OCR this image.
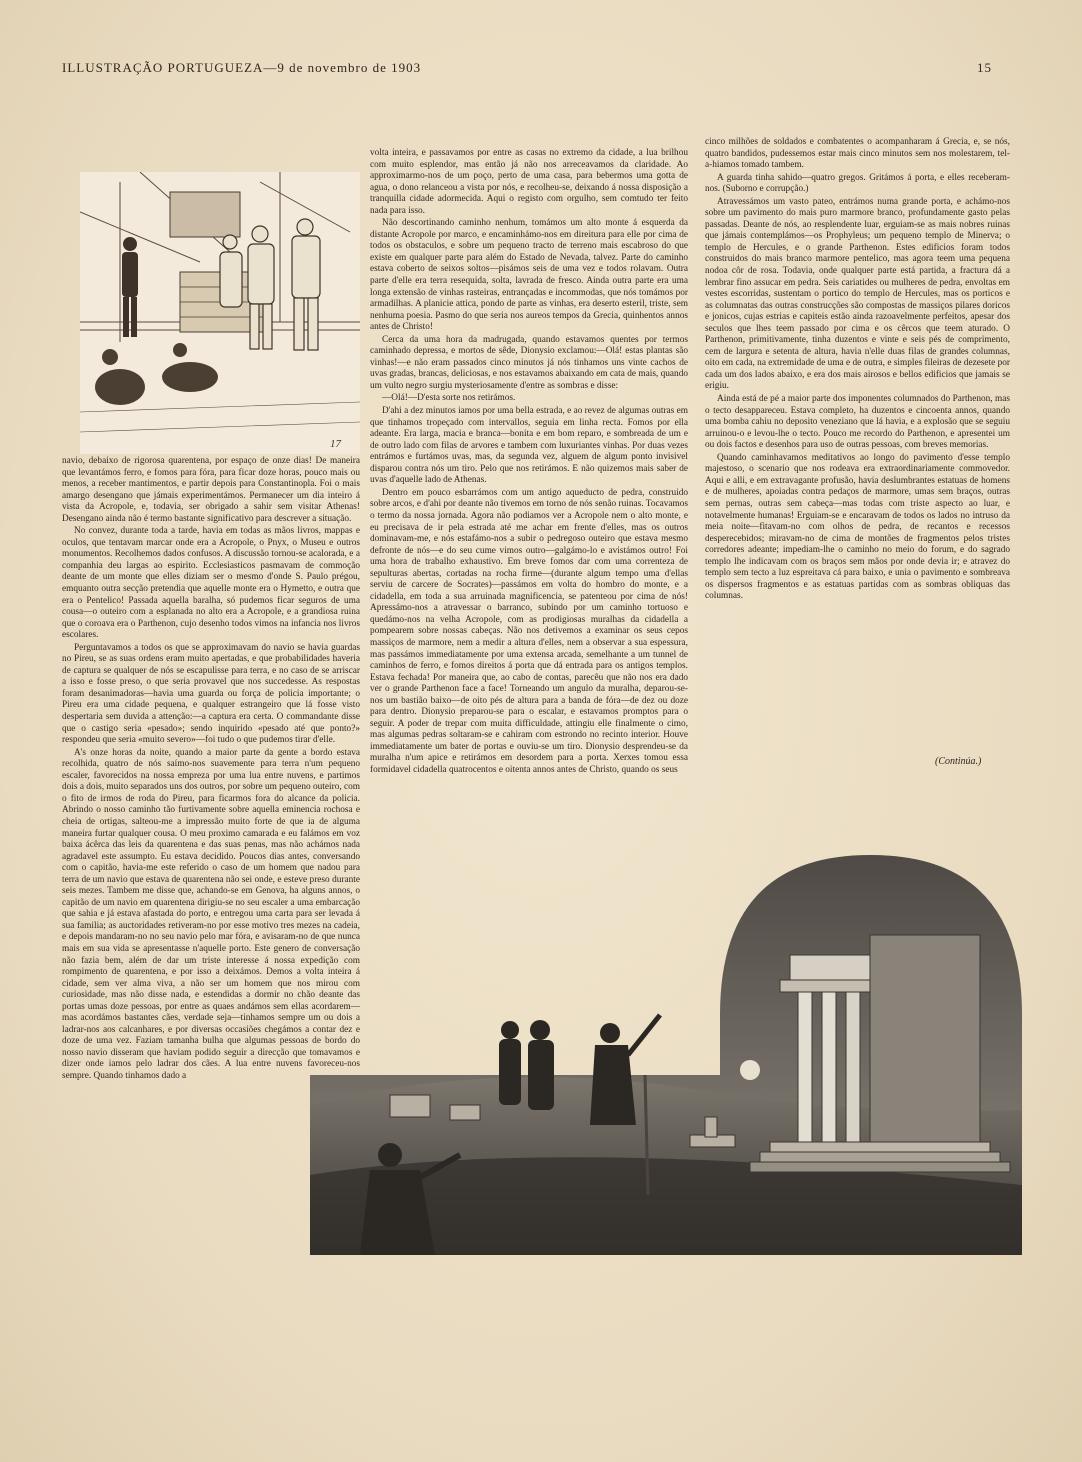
ILLUSTRAÇÃO PORTUGUEZA—9 de novembro de 1903	15
17

navio, debaixo de rigorosa quarentena, por espaço de onze dias! De maneira que levantámos ferro, e fomos para fóra, para ficar doze horas, pouco mais ou menos, a receber mantimentos, e partir depois para Constantinopla. Foi o mais amargo desengano que jámais experimentámos. Permanecer um dia inteiro á vista da Acropole, e, todavia, ser obrigado a sahir sem visitar Athenas! Desengano ainda não é termo bastante significativo para descrever a situação.

No convez, durante toda a tarde, havia em todas as mãos livros, mappas e oculos, que tentavam marcar onde era a Acropole, o Pnyx, o Museu e outros monumentos. Recolhemos dados confusos. A discussão tornou-se acalorada, e a companhia deu largas ao espirito. Ecclesiasticos pasmavam de commoção deante de um monte que elles diziam ser o mesmo d'onde S. Paulo prégou, emquanto outra secção pretendia que aquelle monte era o Hymetto, e outra que era o Pentelico! Passada aquella baralha, só pudemos ficar seguros de uma cousa—o outeiro com a esplanada no alto era a Acropole, e a grandiosa ruina que o coroava era o Parthenon, cujo desenho todos vimos na infancia nos livros escolares.

Perguntavamos a todos os que se approximavam do navio se havia guardas no Pireu, se as suas ordens eram muito apertadas, e que probabilidades haveria de captura se qualquer de nós se escapulisse para terra, e no caso de se arriscar a isso e fosse preso, o que seria provavel que nos succedesse. As respostas foram desanimadoras—havia uma guarda ou força de policia importante; o Pireu era uma cidade pequena, e qualquer estrangeiro que lá fosse visto despertaria sem duvida a attenção:—a captura era certa. O commandante disse que o castigo seria «pesado»; sendo inquirido «pesado até que ponto?» respondeu que seria «muito severo»—foi tudo o que pudemos tirar d'elle.

A's onze horas da noite, quando a maior parte da gente a bordo estava recolhida, quatro de nós saímo-nos suavemente para terra n'um pequeno escaler, favorecidos na nossa empreza por uma lua entre nuvens, e partimos dois a dois, muito separados uns dos outros, por sobre um pequeno outeiro, com o fito de irmos de roda do Pireu, para ficarmos fora do alcance da policia. Abrindo o nosso caminho tão furtivamente sobre aquella eminencia rochosa e cheia de ortigas, salteou-me a impressão muito forte de que ia de alguma maneira furtar qualquer cousa. O meu proximo camarada e eu falámos em voz baixa ácêrca das leis da quarentena e das suas penas, mas não achámos nada agradavel este assumpto. Eu estava decidido. Poucos dias antes, conversando com o capitão, havia-me este referido o caso de um homem que nadou para terra de um navio que estava de quarentena não sei onde, e esteve preso durante seis mezes. Tambem me disse que, achando-se em Genova, ha alguns annos, o capitão de um navio em quarentena dirigiu-se no seu escaler a uma embarcação que sahia e já estava afastada do porto, e entregou uma carta para ser levada á sua familia; as auctoridades retiveram-no por esse motivo tres mezes na cadeia, e depois mandaram-no no seu navio pelo mar fóra, e avisaram-no de que nunca mais em sua vida se apresentasse n'aquelle porto. Este genero de conversação não fazia bem, além de dar um triste interesse á nossa expedição com rompimento de quarentena, e por isso a deixámos. Demos a volta inteira á cidade, sem ver alma viva, a não ser um homem que nos mirou com curiosidade, mas não disse nada, e estendidas a dormir no chão deante das portas umas doze pessoas, por entre as quaes andámos sem ellas acordarem—mas acordámos bastantes cães, verdade seja—tinhamos sempre um ou dois a ladrar-nos aos calcanhares, e por diversas occasiões chegámos a contar dez e doze de uma vez. Faziam tamanha bulha que algumas pessoas de bordo do nosso navio disseram que haviam podido seguir a direcção que tomavamos e dizer onde iamos pelo ladrar dos cães. A lua entre nuvens favoreceu-nos sempre. Quando tinhamos dado a

volta inteira, e passavamos por entre as casas no extremo da cidade, a lua brilhou com muito esplendor, mas então já não nos arreceavamos da claridade. Ao approximarmo-nos de um poço, perto de uma casa, para bebermos uma gotta de agua, o dono relanceou a vista por nós, e recolheu-se, deixando á nossa disposição a tranquilla cidade adormecida. Aqui o registo com orgulho, sem comtudo ter feito nada para isso.

Não descortinando caminho nenhum, tomámos um alto monte á esquerda da distante Acropole por marco, e encaminhámo-nos em direitura para elle por cima de todos os obstaculos, e sobre um pequeno tracto de terreno mais escabroso do que existe em qualquer parte para além do Estado de Nevada, talvez. Parte do caminho estava coberto de seixos soltos—pisámos seis de uma vez e todos rolavam. Outra parte d'elle era terra resequida, solta, lavrada de fresco. Ainda outra parte era uma longa extensão de vinhas rasteiras, entrançadas e incommodas, que nós tomámos por armadilhas. A planicie attica, pondo de parte as vinhas, era deserto esteril, triste, sem nenhuma poesia. Pasmo do que seria nos aureos tempos da Grecia, quinhentos annos antes de Christo!

Cerca da uma hora da madrugada, quando estavamos quentes por termos caminhado depressa, e mortos de sêde, Dionysio exclamou:—Olá! estas plantas são vinhas!—e não eram passados cinco minutos já nós tinhamos uns vinte cachos de uvas gradas, brancas, deliciosas, e nos estavamos abaixando em cata de mais, quando um vulto negro surgiu mysteriosamente d'entre as sombras e disse:

—Olá!—D'esta sorte nos retirámos.

D'ahi a dez minutos iamos por uma bella estrada, e ao revez de algumas outras em que tinhamos tropeçado com intervallos, seguia em linha recta. Fomos por ella adeante. Era larga, macia e branca—bonita e em bom reparo, e sombreada de um e de outro lado com filas de arvores e tambem com luxuriantes vinhas. Por duas vezes entrámos e furtámos uvas, mas, da segunda vez, alguem de algum ponto invisivel disparou contra nós um tiro. Pelo que nos retirámos. E não quizemos mais saber de uvas d'aquelle lado de Athenas.

Dentro em pouco esbarrámos com um antigo aqueducto de pedra, construido sobre arcos, e d'ahi por deante não tivemos em torno de nós senão ruinas. Tocavamos o termo da nossa jornada. Agora não podiamos ver a Acropole nem o alto monte, e eu precisava de ir pela estrada até me achar em frente d'elles, mas os outros dominavam-me, e nós estafámo-nos a subir o pedregoso outeiro que estava mesmo defronte de nós—e do seu cume vimos outro—galgámo-lo e avistámos outro! Foi uma hora de trabalho exhaustivo. Em breve fomos dar com uma correnteza de sepulturas abertas, cortadas na rocha firme—(durante algum tempo uma d'ellas serviu de carcere de Socrates)—passámos em volta do hombro do monte, e a cidadella, em toda a sua arruinada magnificencia, se patenteou por cima de nós! Apressámo-nos a atravessar o barranco, subindo por um caminho tortuoso e quedámo-nos na velha Acropole, com as prodigiosas muralhas da cidadella a pompearem sobre nossas cabeças. Não nos detivemos a examinar os seus cepos massiços de marmore, nem a medir a altura d'elles, nem a observar a sua espessura, mas passámos immediatamente por uma extensa arcada, semelhante a um tunnel de caminhos de ferro, e fomos direitos á porta que dá entrada para os antigos templos. Estava fechada! Por maneira que, ao cabo de contas, parecêu que não nos era dado ver o grande Parthenon face a face! Torneando um angulo da muralha, deparou-se-nos um bastião baixo—de oito pés de altura para a banda de fóra—de dez ou doze para dentro. Dionysio preparou-se para o escalar, e estavamos promptos para o seguir. A poder de trepar com muita difficuldade, attingiu elle finalmente o cimo, mas algumas pedras soltaram-se e cahiram com estrondo no recinto interior. Houve immediatamente um bater de portas e ouviu-se um tiro. Dionysio desprendeu-se da muralha n'um apice e retirámos em desordem para a porta. Xerxes tomou essa formidavel cidadella quatrocentos e oitenta annos antes de Christo, quando os seus

cinco milhões de soldados e combatentes o acompanharam á Grecia, e, se nós, quatro bandidos, pudessemos estar mais cinco minutos sem nos molestarem, tel-a-hiamos tomado tambem.

A guarda tinha sahido—quatro gregos. Gritámos á porta, e elles receberam-nos. (Suborno e corrupção.)

Atravessámos um vasto pateo, entrámos numa grande porta, e achámo-nos sobre um pavimento do mais puro marmore branco, profundamente gasto pelas passadas. Deante de nós, ao resplendente luar, erguiam-se as mais nobres ruinas que jámais contemplámos—os Prophyleus; um pequeno templo de Minerva; o templo de Hercules, e o grande Parthenon. Estes edificios foram todos construidos do mais branco marmore pentelico, mas agora teem uma pequena nodoa côr de rosa. Todavia, onde qualquer parte está partida, a fractura dá a lembrar fino assucar em pedra. Seis cariatides ou mulheres de pedra, envoltas em vestes escorridas, sustentam o portico do templo de Hercules, mas os porticos e as columnatas das outras construcções são compostas de massiços pilares doricos e jonicos, cujas estrias e capiteis estão ainda razoavelmente perfeitos, apesar dos seculos que lhes teem passado por cima e os cêrcos que teem aturado. O Parthenon, primitivamente, tinha duzentos e vinte e seis pés de comprimento, cem de largura e setenta de altura, havia n'elle duas filas de grandes columnas, oito em cada, na extremidade de uma e de outra, e simples fileiras de dezesete por cada um dos lados abaixo, e era dos mais airosos e bellos edificios que jamais se erigiu.

Ainda está de pé a maior parte dos imponentes columnados do Parthenon, mas o tecto desappareceu. Estava completo, ha duzentos e cincoenta annos, quando uma bomba cahiu no deposito veneziano que lá havia, e a explosão que se seguiu arruinou-o e levou-lhe o tecto. Pouco me recordo do Parthenon, e apresentei um ou dois factos e desenhos para uso de outras pessoas, com breves memorias.

Quando caminhavamos meditativos ao longo do pavimento d'esse templo majestoso, o scenario que nos rodeava era extraordinariamente commovedor. Aqui e alli, e em extravagante profusão, havia deslumbrantes estatuas de homens e de mulheres, apoiadas contra pedaços de marmore, umas sem braços, outras sem pernas, outras sem cabeça—mas todas com triste aspecto ao luar, e notavelmente humanas! Erguiam-se e encaravam de todos os lados no intruso da meia noite—fitavam-no com olhos de pedra, de recantos e recessos desperecebidos; miravam-no de cima de montões de fragmentos pelos tristes corredores adeante; impediam-lhe o caminho no meio do forum, e do sagrado templo lhe indicavam com os braços sem mãos por onde devia ir; e atravez do templo sem tecto a luz espreitava cá para baixo, e unia o pavimento e sombreava os dispersos fragmentos e as estatuas partidas com as sombras obliquas das columnas.

(Continúa.)
